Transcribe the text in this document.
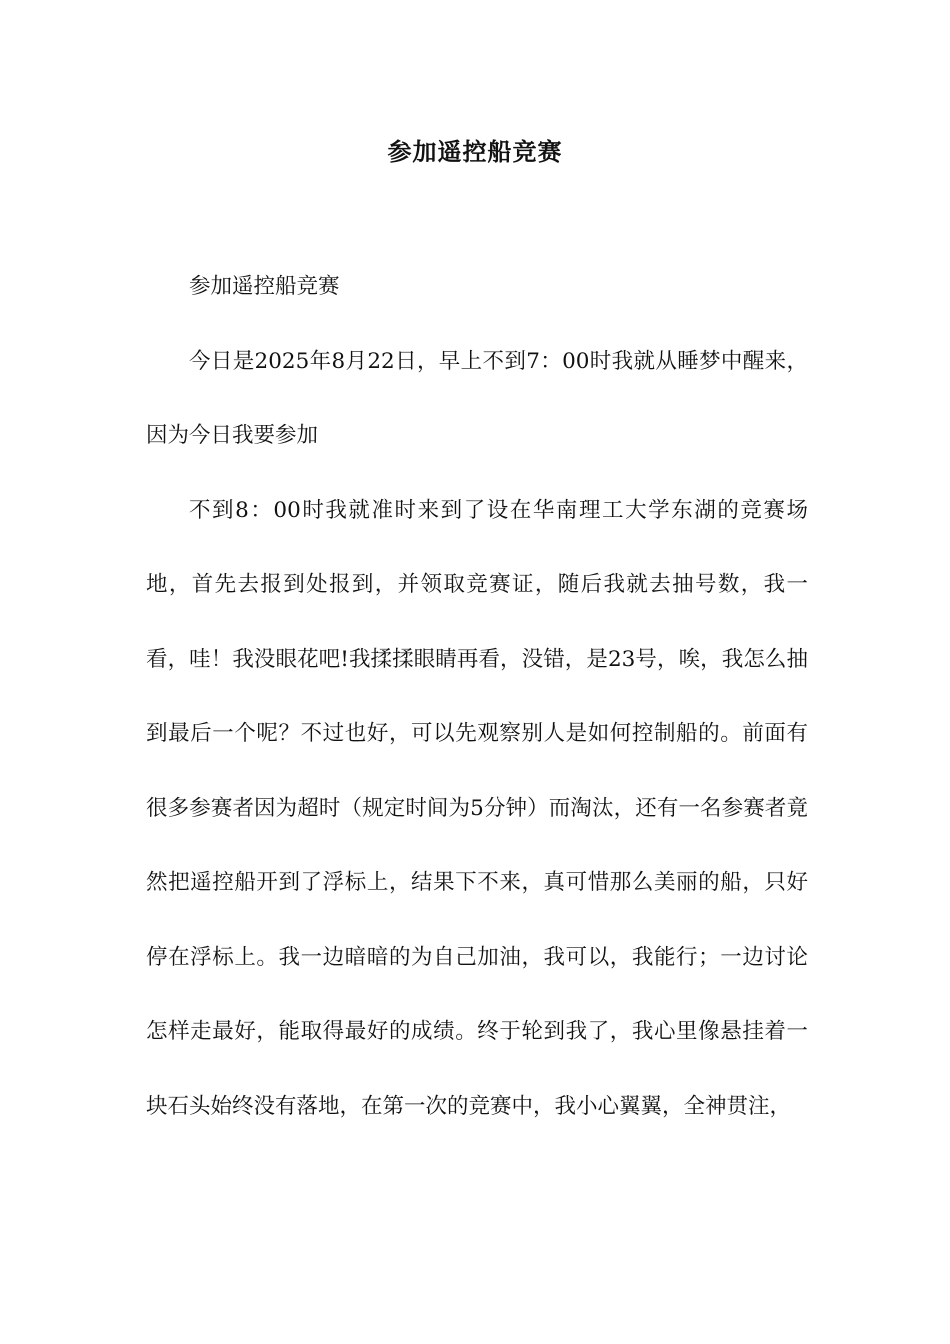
参加遥控船竞赛

参加遥控船竞赛

今日是2025年8月22日，早上不到7：00时我就从睡梦中醒来，因为今日我要参加

不到8：00时我就准时来到了设在华南理工大学东湖的竞赛场地，首先去报到处报到，并领取竞赛证，随后我就去抽号数，我一看，哇！我没眼花吧!我揉揉眼睛再看，没错，是23号，唉，我怎么抽到最后一个呢？不过也好，可以先观察别人是如何控制船的。前面有很多参赛者因为超时（规定时间为5分钟）而淘汰，还有一名参赛者竟然把遥控船开到了浮标上，结果下不来，真可惜那么美丽的船，只好停在浮标上。我一边暗暗的为自己加油，我可以，我能行；一边讨论怎样走最好，能取得最好的成绩。终于轮到我了，我心里像悬挂着一块石头始终没有落地，在第一次的竞赛中，我小心翼翼，全神贯注，
